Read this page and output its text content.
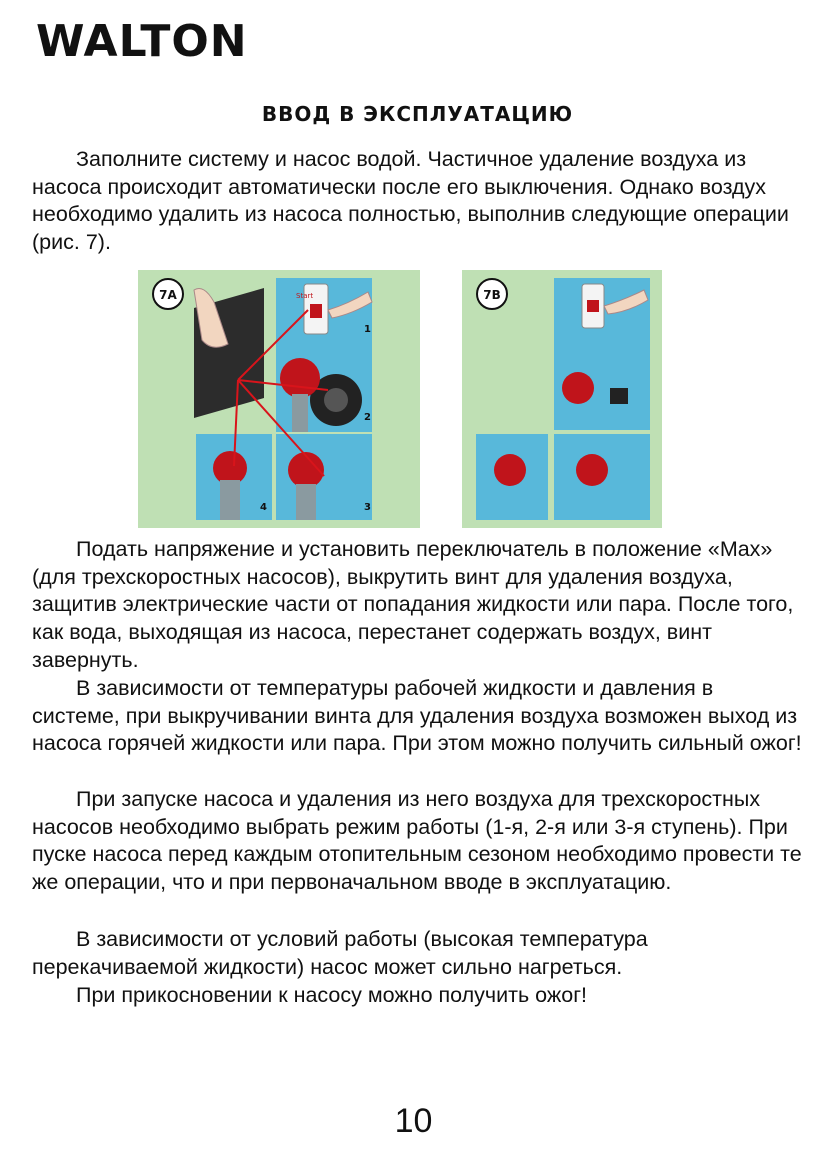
WALTON
ВВОД В ЭКСПЛУАТАЦИЮ

Заполните систему и насос водой. Частичное удаление воздуха из насоса происходит автоматически после его выключения. Однако воздух необходимо удалить из насоса полностью, выполнив следующие операции (рис. 7).

7A	Start
1
2
3
4
7B

Подать напряжение и установить переключатель в положение «Max» (для трехскоростных насосов), выкрутить винт для удаления воздуха, защитив электрические части от попадания жидкости или пара. После того, как вода, выходящая из насоса, перестанет содержать воздух, винт завернуть.

В зависимости от температуры рабочей жидкости и давления в системе, при выкручивании винта для удаления воздуха возможен выход из насоса горячей жидкости или пара. При этом можно получить сильный ожог!

При запуске насоса и удаления из него воздуха для трехскоростных насосов необходимо выбрать режим работы (1-я, 2-я или 3-я ступень). При пуске насоса перед каждым отопительным сезоном необходимо провести те же операции, что и при первоначальном вводе в эксплуатацию.

В зависимости от условий работы (высокая температура перекачиваемой жидкости) насос может сильно нагреться.

При прикосновении к насосу можно получить ожог!

10
